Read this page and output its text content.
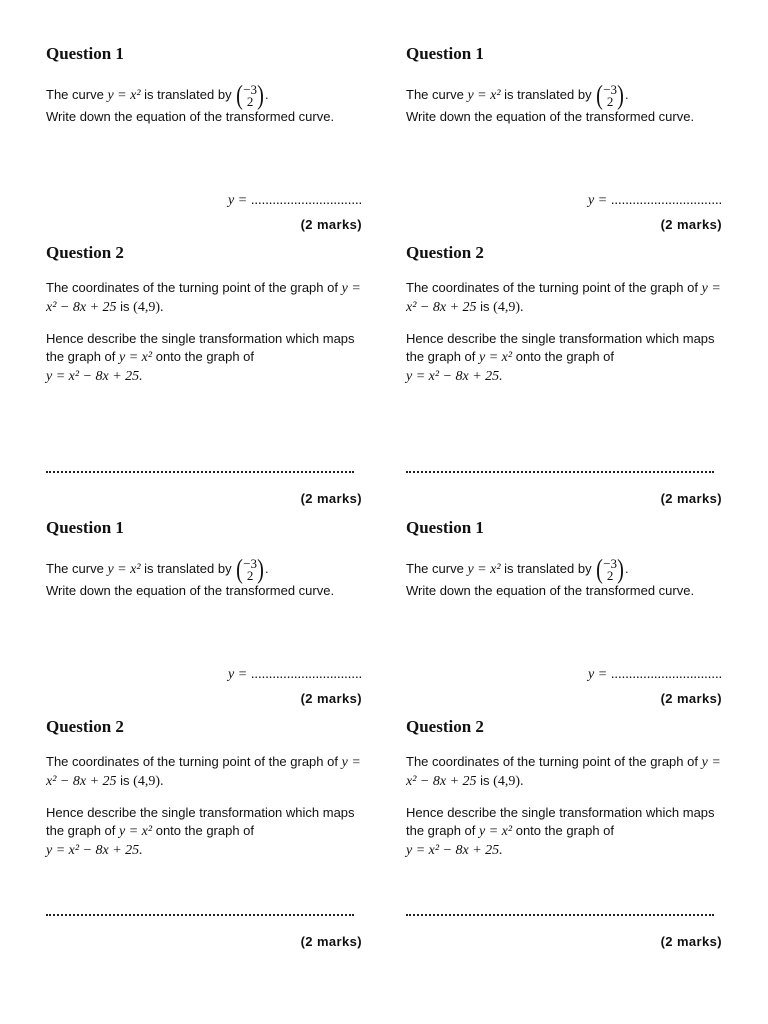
Question 1

The curve y = x² is translated by ( −3
2 ) .

Write down the equation of the transformed curve.

y = ...............................
(2 marks)
Question 2

The coordinates of the turning point of the graph of y = x² − 8x + 25 is (4,9).

Hence describe the single transformation which maps the graph of y = x² onto the graph of
y = x² − 8x + 25.

(2 marks)
Question 1

The curve y = x² is translated by ( −3
2 ) .

Write down the equation of the transformed curve.

y = ...............................
(2 marks)
Question 2

The coordinates of the turning point of the graph of y = x² − 8x + 25 is (4,9).

Hence describe the single transformation which maps the graph of y = x² onto the graph of
y = x² − 8x + 25.

(2 marks)
Question 1

The curve y = x² is translated by ( −3
2 ) .

Write down the equation of the transformed curve.

y = ...............................
(2 marks)
Question 2

The coordinates of the turning point of the graph of y = x² − 8x + 25 is (4,9).

Hence describe the single transformation which maps the graph of y = x² onto the graph of
y = x² − 8x + 25.

(2 marks)
Question 1

The curve y = x² is translated by ( −3
2 ) .

Write down the equation of the transformed curve.

y = ...............................
(2 marks)
Question 2

The coordinates of the turning point of the graph of y = x² − 8x + 25 is (4,9).

Hence describe the single transformation which maps the graph of y = x² onto the graph of
y = x² − 8x + 25.

(2 marks)
